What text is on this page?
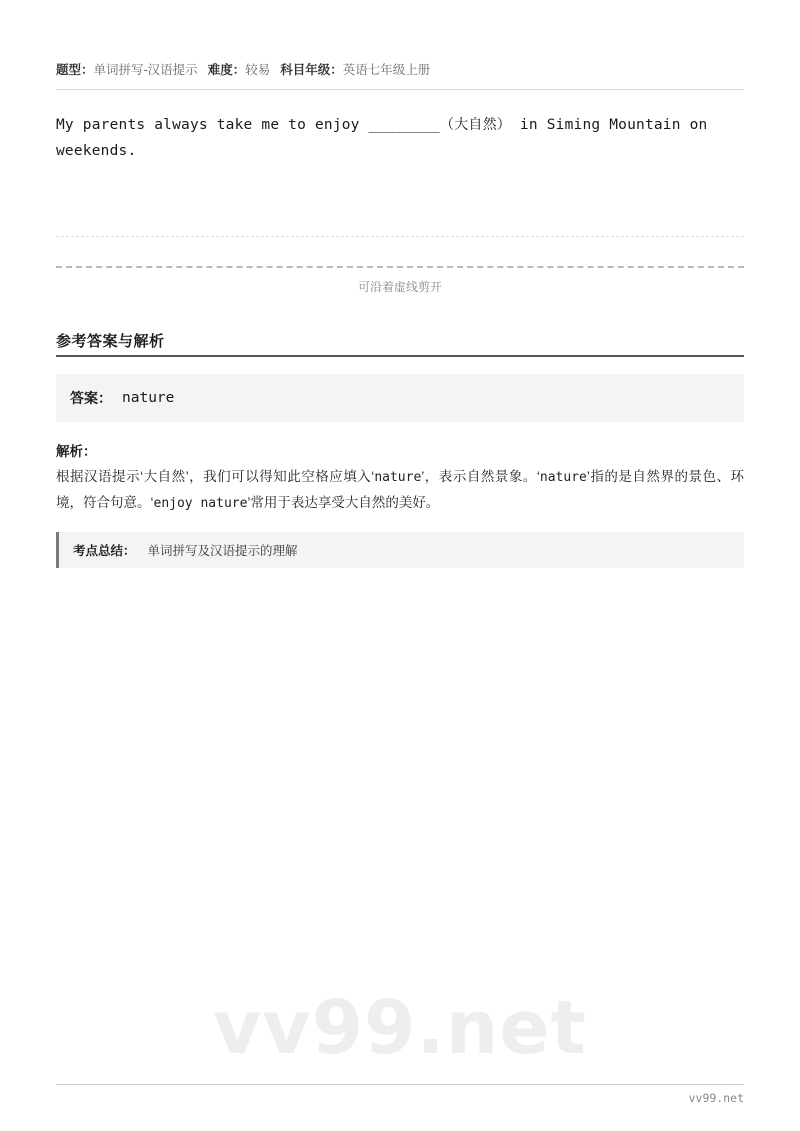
题型：单词拼写-汉语提示 难度：较易 科目年级：英语七年级上册
My parents always take me to enjoy ________（大自然） in Siming Mountain on weekends.
可沿着虚线剪开
参考答案与解析
答案： nature
解析：
根据汉语提示‘大自然’，我们可以得知此空格应填入‘nature’，表示自然景象。‘nature’指的是自然界的景色、环境，符合句意。‘enjoy nature’常用于表达享受大自然的美好。
考点总结： 单词拼写及汉语提示的理解
vv99.net
vv99.net
